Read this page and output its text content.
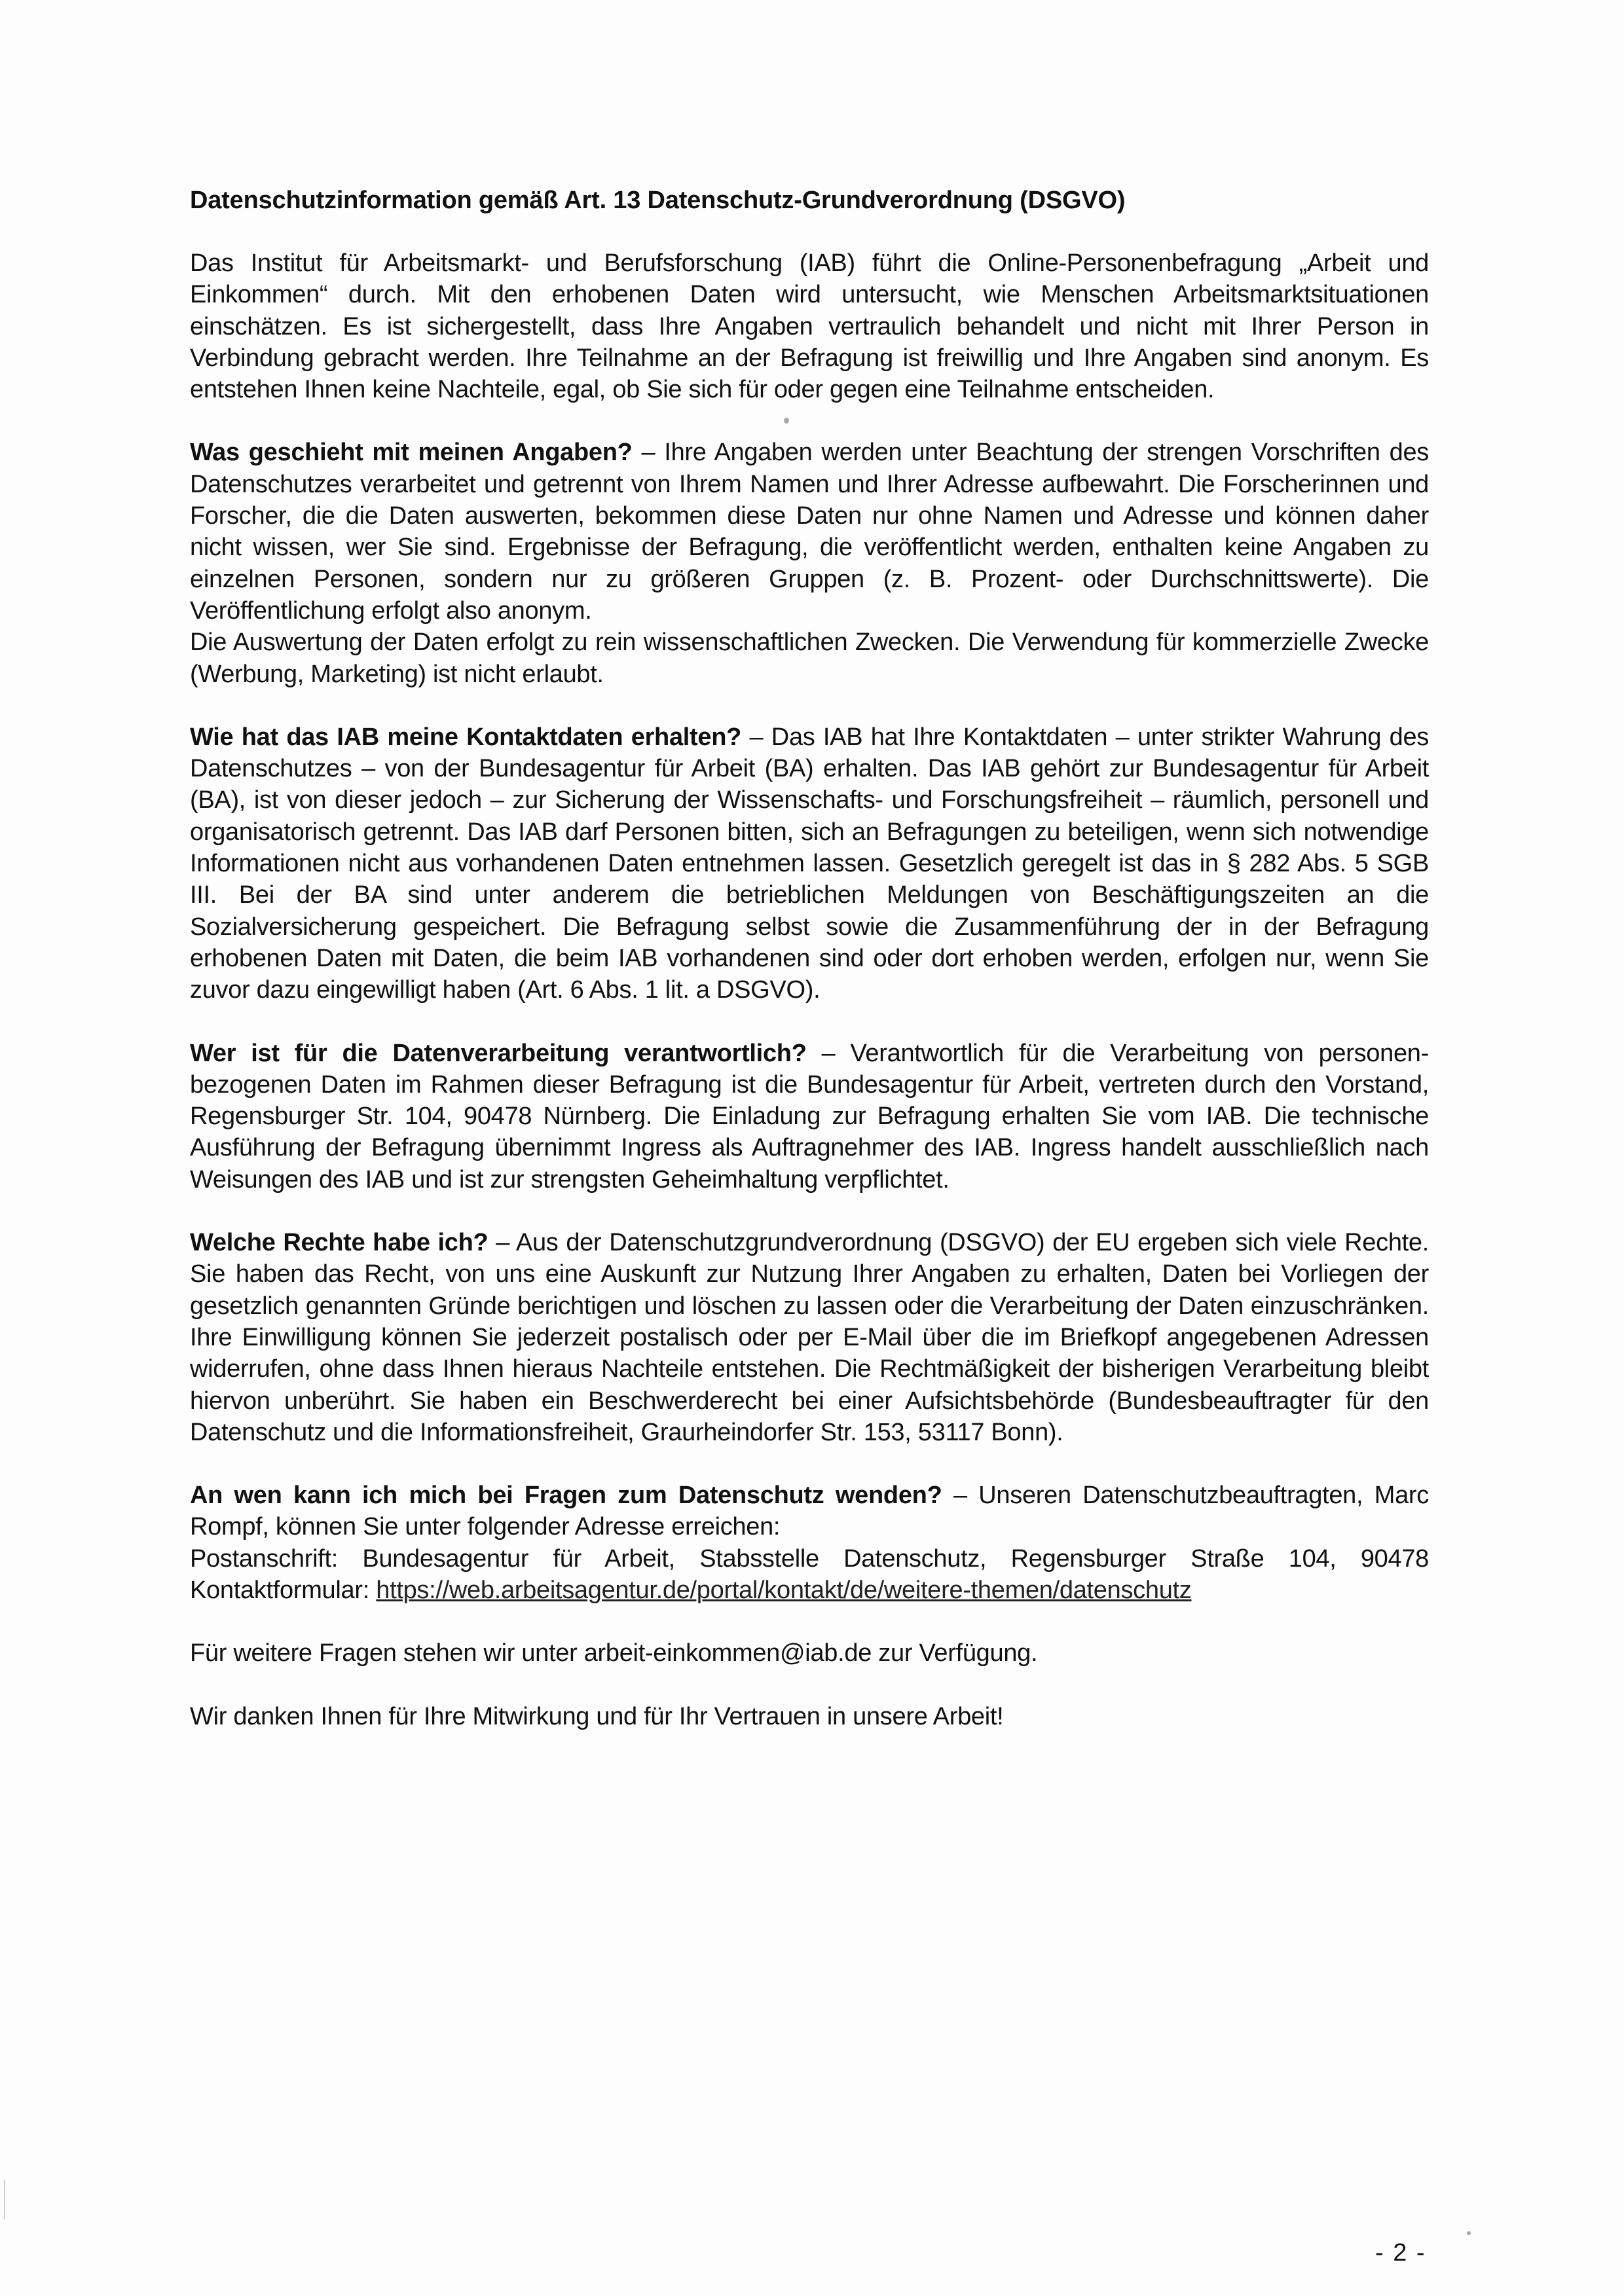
Datenschutzinformation gemäß Art. 13 Datenschutz-Grundverordnung (DSGVO)

Das Institut für Arbeitsmarkt- und Berufsforschung (IAB) führt die Online-Personenbefragung „Arbeit und Einkommen“ durch. Mit den erhobenen Daten wird untersucht, wie Menschen Arbeitsmarktsituationen einschätzen. Es ist sichergestellt, dass Ihre Angaben vertraulich behandelt und nicht mit Ihrer Person in Verbindung gebracht werden. Ihre Teilnahme an der Befragung ist freiwillig und Ihre Angaben sind anonym. Es entstehen Ihnen keine Nachteile, egal, ob Sie sich für oder gegen eine Teilnahme entscheiden.

Was geschieht mit meinen Angaben? – Ihre Angaben werden unter Beachtung der strengen Vorschriften des Datenschutzes verarbeitet und getrennt von Ihrem Namen und Ihrer Adresse aufbewahrt. Die Forscherinnen und Forscher, die die Daten auswerten, bekommen diese Daten nur ohne Namen und Adresse und können daher nicht wissen, wer Sie sind. Ergebnisse der Befragung, die veröffentlicht werden, enthalten keine Angaben zu einzelnen Personen, sondern nur zu größeren Gruppen (z. B. Prozent- oder Durchschnittswerte). Die Veröffentlichung erfolgt also anonym.

Die Auswertung der Daten erfolgt zu rein wissenschaftlichen Zwecken. Die Verwendung für kommerzielle Zwecke (Werbung, Marketing) ist nicht erlaubt.

Wie hat das IAB meine Kontaktdaten erhalten? – Das IAB hat Ihre Kontaktdaten – unter strikter Wahrung des Datenschutzes – von der Bundesagentur für Arbeit (BA) erhalten. Das IAB gehört zur Bundesagentur für Arbeit (BA), ist von dieser jedoch – zur Sicherung der Wissenschafts- und Forschungsfreiheit – räumlich, personell und organisatorisch getrennt. Das IAB darf Personen bitten, sich an Befragungen zu beteiligen, wenn sich notwendige Informationen nicht aus vorhandenen Daten entnehmen lassen. Gesetzlich geregelt ist das in § 282 Abs. 5 SGB III. Bei der BA sind unter anderem die betrieblichen Meldungen von Beschäftigungszeiten an die Sozialversicherung gespeichert. Die Befragung selbst sowie die Zusammenführung der in der Befragung erhobenen Daten mit Daten, die beim IAB vorhandenen sind oder dort erhoben werden, erfolgen nur, wenn Sie zuvor dazu eingewilligt haben (Art. 6 Abs. 1 lit. a DSGVO).

Wer ist für die Datenverarbeitung verantwortlich? – Verantwortlich für die Verarbeitung von personen-bezogenen Daten im Rahmen dieser Befragung ist die Bundesagentur für Arbeit, vertreten durch den Vorstand, Regensburger Str. 104, 90478 Nürnberg. Die Einladung zur Befragung erhalten Sie vom IAB. Die technische Ausführung der Befragung übernimmt Ingress als Auftragnehmer des IAB. Ingress handelt ausschließlich nach Weisungen des IAB und ist zur strengsten Geheimhaltung verpflichtet.

Welche Rechte habe ich? – Aus der Datenschutzgrundverordnung (DSGVO) der EU ergeben sich viele Rechte. Sie haben das Recht, von uns eine Auskunft zur Nutzung Ihrer Angaben zu erhalten, Daten bei Vorliegen der gesetzlich genannten Gründe berichtigen und löschen zu lassen oder die Verarbeitung der Daten einzuschränken. Ihre Einwilligung können Sie jederzeit postalisch oder per E-Mail über die im Briefkopf angegebenen Adressen widerrufen, ohne dass Ihnen hieraus Nachteile entstehen. Die Rechtmäßigkeit der bisherigen Verarbeitung bleibt hiervon unberührt. Sie haben ein Beschwerderecht bei einer Aufsichtsbehörde (Bundesbeauftragter für den Datenschutz und die Informationsfreiheit, Graurheindorfer Str. 153, 53117 Bonn).

An wen kann ich mich bei Fragen zum Datenschutz wenden? – Unseren Datenschutzbeauftragten, Marc Rompf, können Sie unter folgender Adresse erreichen:
Postanschrift: Bundesagentur für Arbeit, Stabsstelle Datenschutz, Regensburger Straße 104, 90478
Kontaktformular: https://web.arbeitsagentur.de/portal/kontakt/de/weitere-themen/datenschutz

Für weitere Fragen stehen wir unter arbeit-einkommen@iab.de zur Verfügung.

Wir danken Ihnen für Ihre Mitwirkung und für Ihr Vertrauen in unsere Arbeit!

- 2 -
